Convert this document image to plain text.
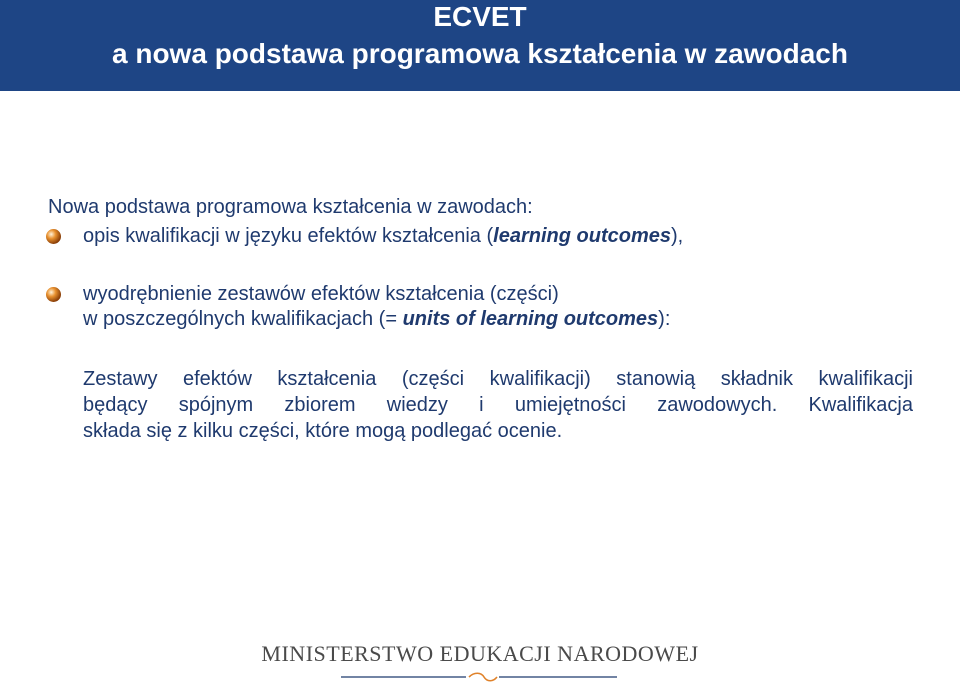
ECVET
a nowa podstawa programowa kształcenia w zawodach
Nowa podstawa programowa kształcenia w zawodach:
opis kwalifikacji w języku efektów kształcenia (learning outcomes),
wyodrębnienie zestawów efektów kształcenia (części)
w poszczególnych kwalifikacjach (= units of learning outcomes):
Zestawy efektów kształcenia (części kwalifikacji) stanowią składnik kwalifikacji
będący spójnym zbiorem wiedzy i umiejętności zawodowych. Kwalifikacja
składa się z kilku części, które mogą podlegać ocenie.
MINISTERSTWO EDUKACJI NARODOWEJ
